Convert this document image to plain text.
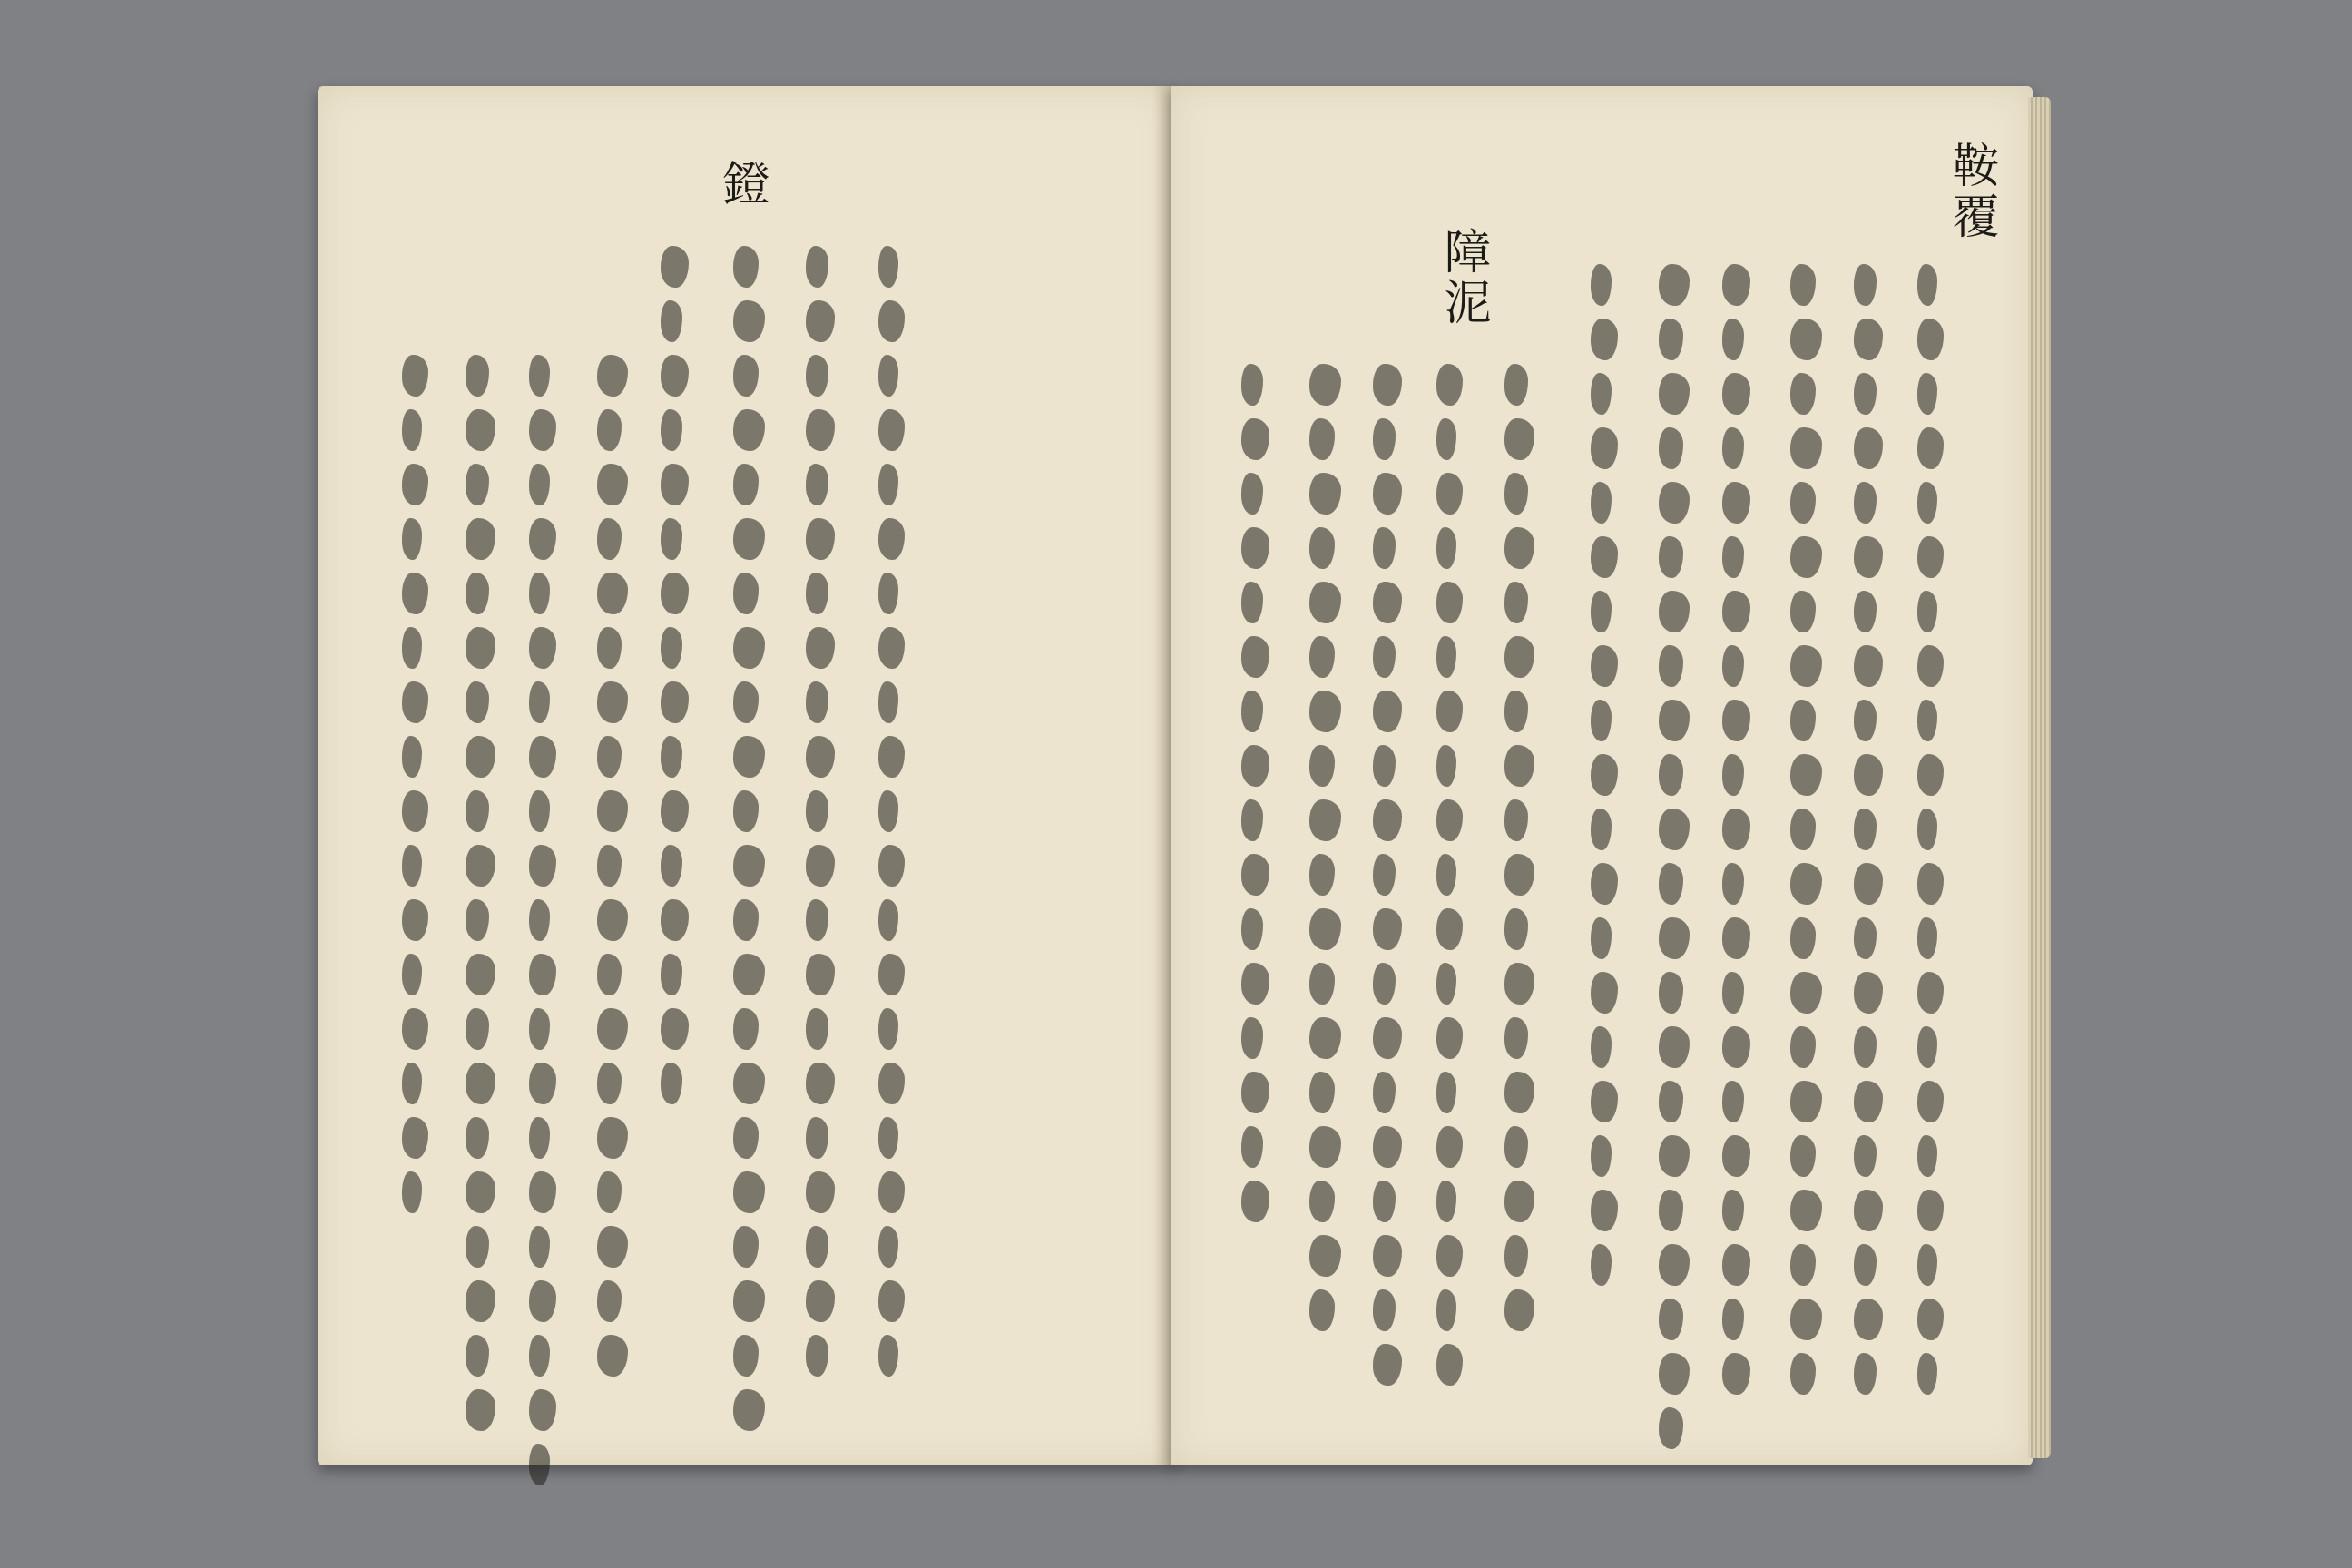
鐙	鞍覆
障泥
